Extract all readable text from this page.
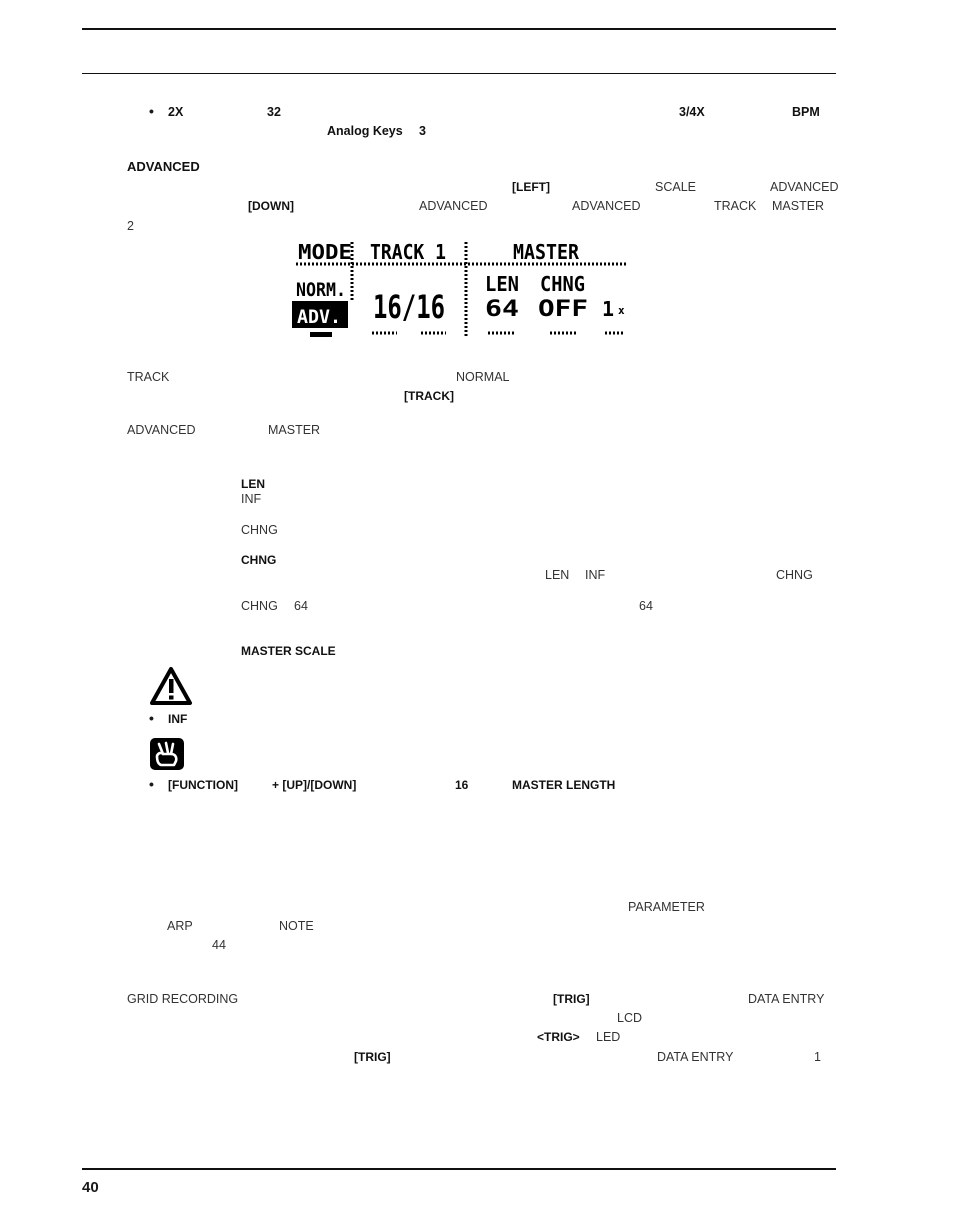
• 2X	32	3/4X	BPM
Analog Keys 3
ADVANCED
[LEFT]	SCALE	ADVANCED
[DOWN]	ADVANCED	ADVANCED	TRACK MASTER
2
MODE TRACK 1	MASTER
NORM. 16/16
LEN CHNG
64 OFF 1 x
ADV.
TRACK	NORMAL
[TRACK]
ADVANCED	MASTER
LEN
INF
CHNG
CHNG
LEN INF	CHNG
CHNG 64	64
MASTER SCALE
• INF
• [FUNCTION]	+ [UP]/[DOWN]	16	MASTER LENGTH
PARAMETER
ARP	NOTE
44
GRID RECORDING	[TRIG]	DATA ENTRY
LCD
<TRIG> LED
[TRIG]	DATA ENTRY	1
40
